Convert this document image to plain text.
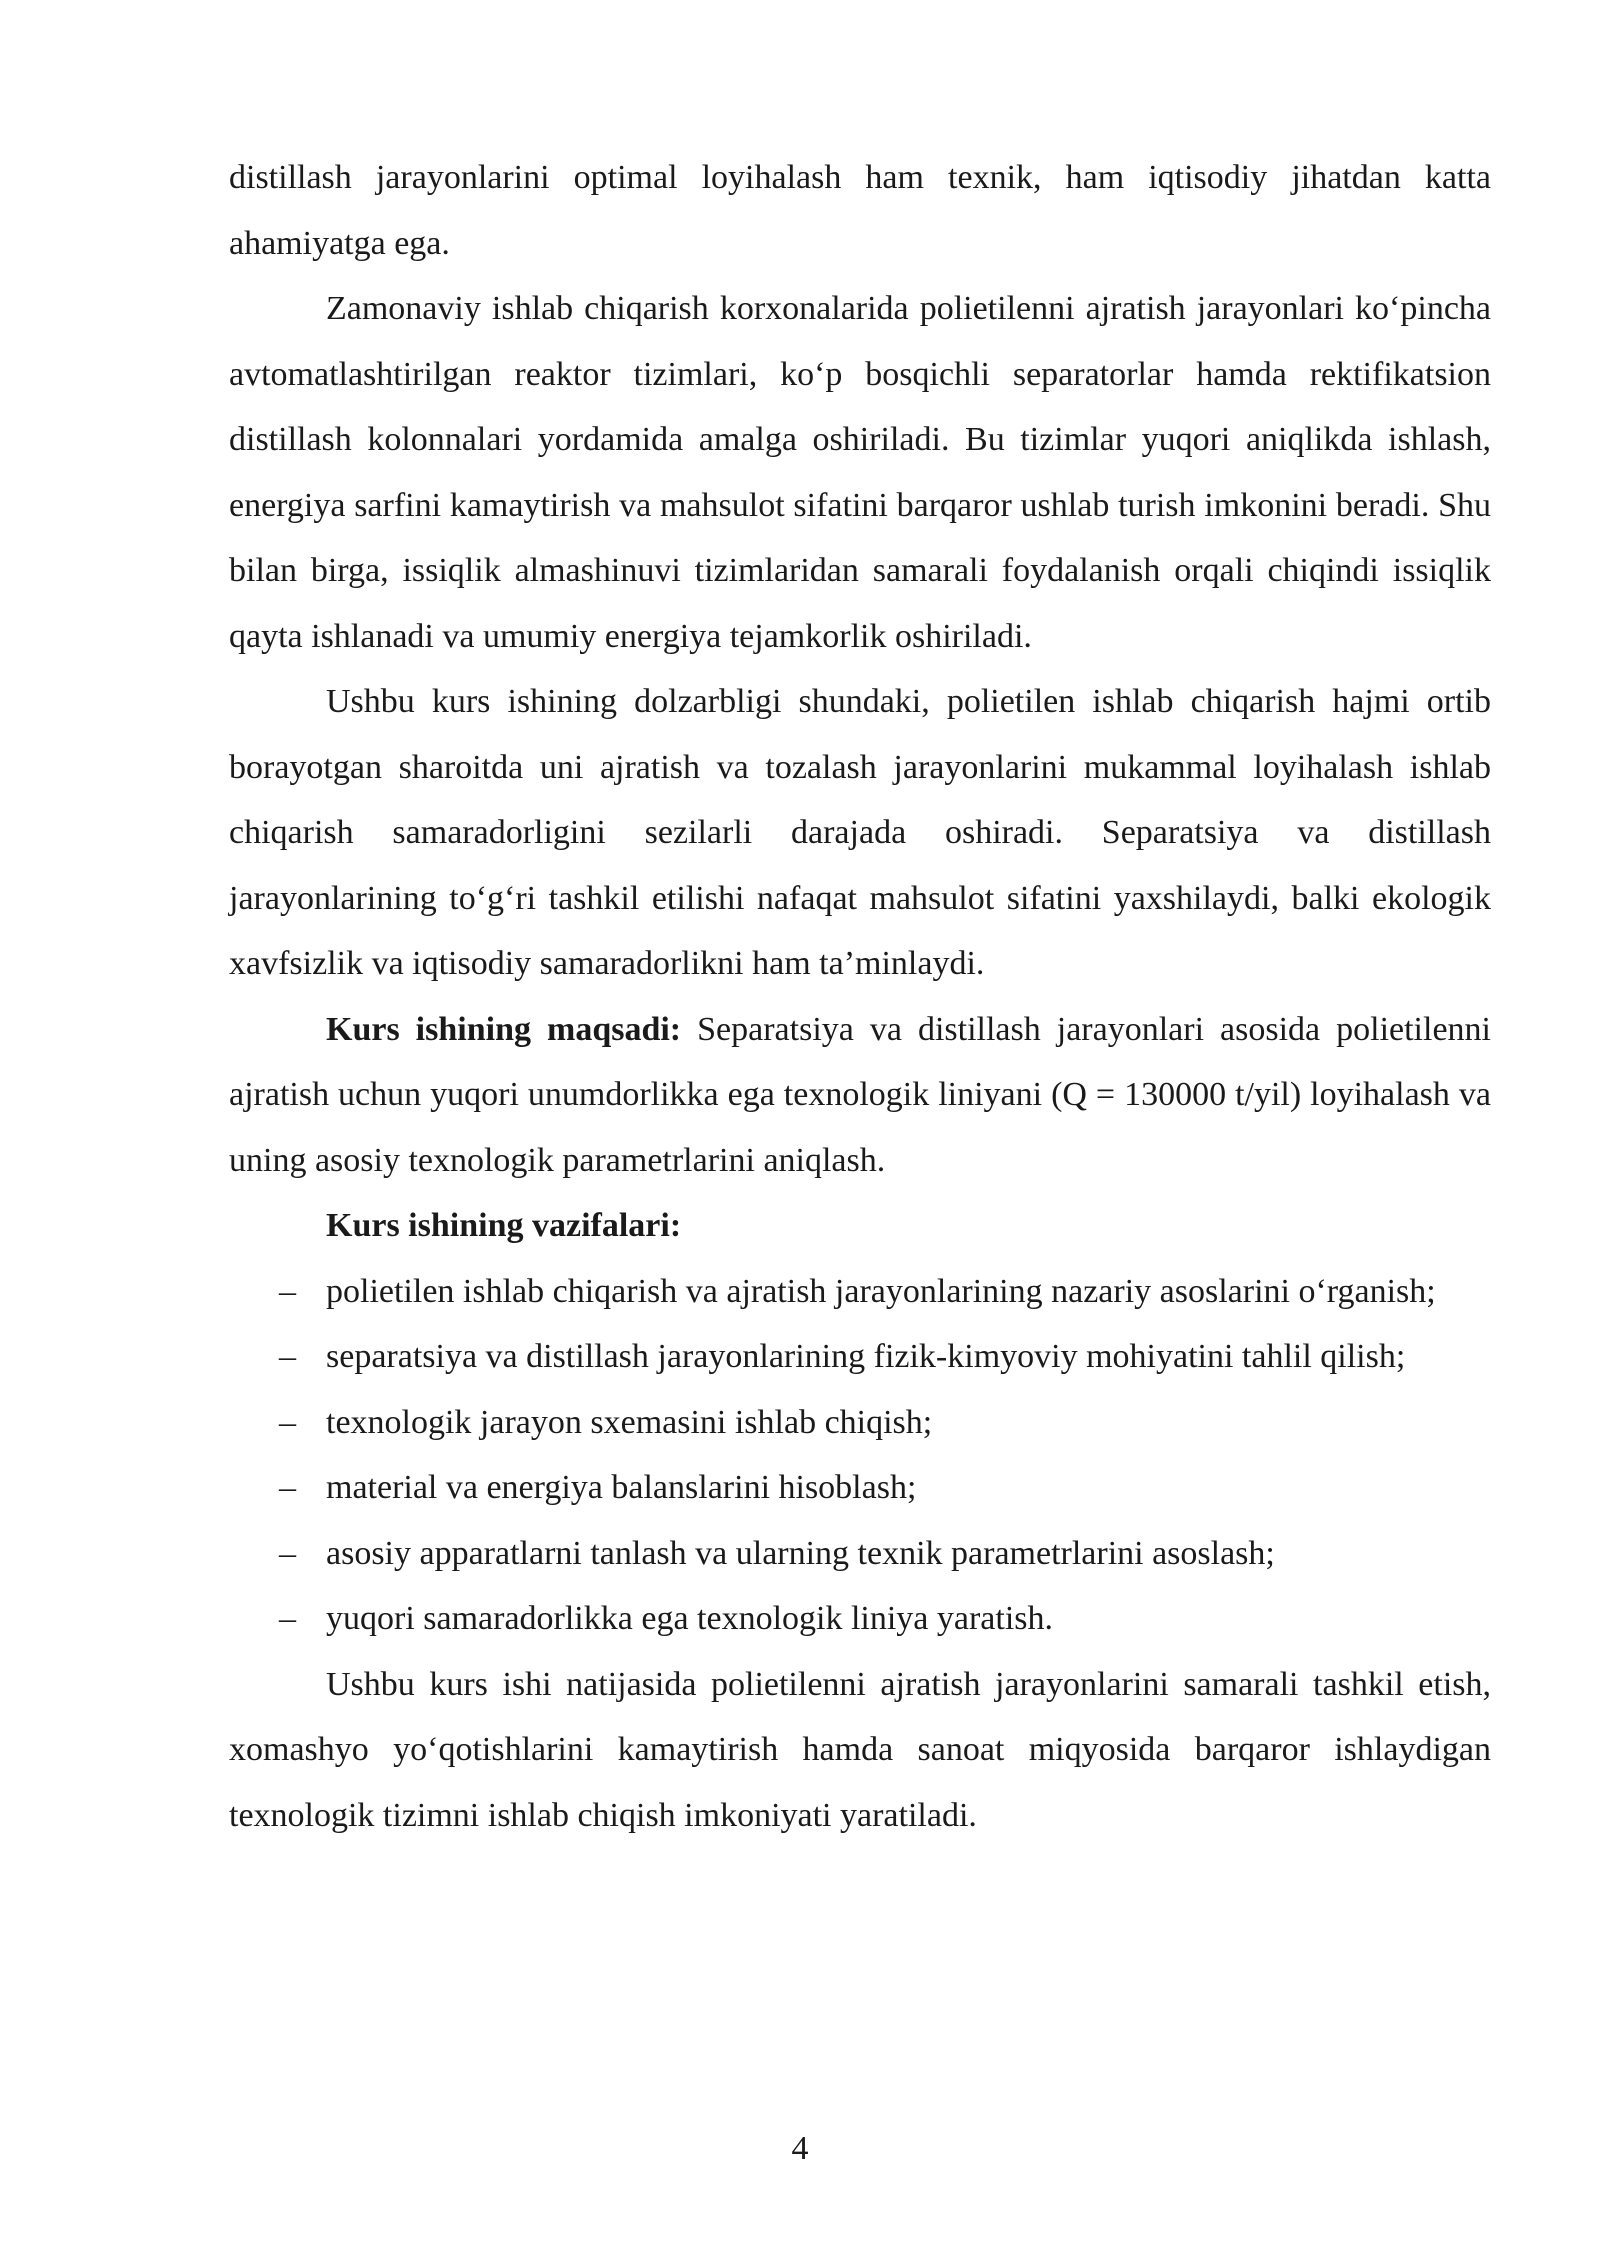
distillash jarayonlarini optimal loyihalash ham texnik, ham iqtisodiy jihatdan katta ahamiyatga ega.

Zamonaviy ishlab chiqarish korxonalarida polietilenni ajratish jarayonlari ko‘pincha avtomatlashtirilgan reaktor tizimlari, ko‘p bosqichli separatorlar hamda rektifikatsion distillash kolonnalari yordamida amalga oshiriladi. Bu tizimlar yuqori aniqlikda ishlash, energiya sarfini kamaytirish va mahsulot sifatini barqaror ushlab turish imkonini beradi. Shu bilan birga, issiqlik almashinuvi tizimlaridan samarali foydalanish orqali chiqindi issiqlik qayta ishlanadi va umumiy energiya tejamkorlik oshiriladi.

Ushbu kurs ishining dolzarbligi shundaki, polietilen ishlab chiqarish hajmi ortib borayotgan sharoitda uni ajratish va tozalash jarayonlarini mukammal loyihalash ishlab chiqarish samaradorligini sezilarli darajada oshiradi. Separatsiya va distillash jarayonlarining to‘g‘ri tashkil etilishi nafaqat mahsulot sifatini yaxshilaydi, balki ekologik xavfsizlik va iqtisodiy samaradorlikni ham ta’minlaydi.

Kurs ishining maqsadi: Separatsiya va distillash jarayonlari asosida polietilenni ajratish uchun yuqori unumdorlikka ega texnologik liniyani (Q = 130000 t/yil) loyihalash va uning asosiy texnologik parametrlarini aniqlash.

Kurs ishining vazifalari:

– polietilen ishlab chiqarish va ajratish jarayonlarining nazariy asoslarini o‘rganish;
– separatsiya va distillash jarayonlarining fizik-kimyoviy mohiyatini tahlil qilish;
– texnologik jarayon sxemasini ishlab chiqish;
– material va energiya balanslarini hisoblash;
– asosiy apparatlarni tanlash va ularning texnik parametrlarini asoslash;
– yuqori samaradorlikka ega texnologik liniya yaratish.

Ushbu kurs ishi natijasida polietilenni ajratish jarayonlarini samarali tashkil etish, xomashyo yo‘qotishlarini kamaytirish hamda sanoat miqyosida barqaror ishlaydigan texnologik tizimni ishlab chiqish imkoniyati yaratiladi.

4
